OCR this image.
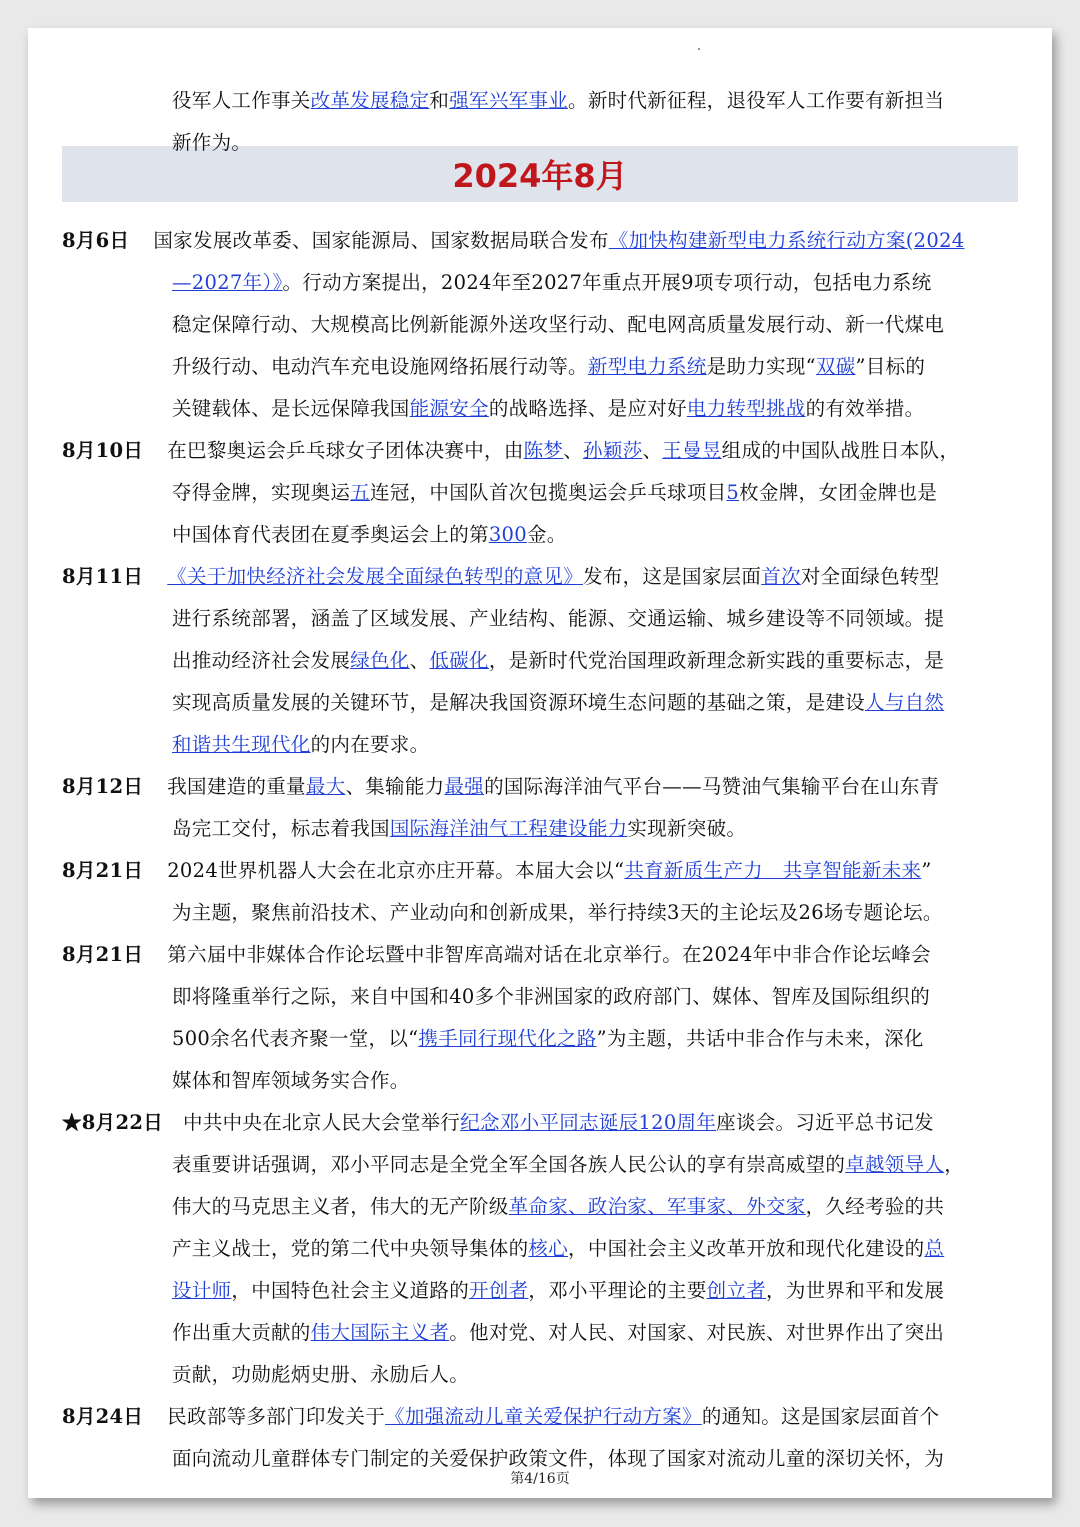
2024年8月
役军人工作事关改革发展稳定和强军兴军事业。新时代新征程，退役军人工作要有新担当
新作为。
8月6日 国家发展改革委、国家能源局、国家数据局联合发布《加快构建新型电力系统行动方案(2024
—2027年）》。行动方案提出，2024年至2027年重点开展9项专项行动，包括电力系统
稳定保障行动、大规模高比例新能源外送攻坚行动、配电网高质量发展行动、新一代煤电
升级行动、电动汽车充电设施网络拓展行动等。新型电力系统是助力实现“双碳”目标的
关键载体、是长远保障我国能源安全的战略选择、是应对好电力转型挑战的有效举措。
8月10日 在巴黎奥运会乒乓球女子团体决赛中，由陈梦、孙颖莎、王曼昱组成的中国队战胜日本队，
夺得金牌，实现奥运五连冠，中国队首次包揽奥运会乒乓球项目5枚金牌，女团金牌也是
中国体育代表团在夏季奥运会上的第300金。
8月11日 《关于加快经济社会发展全面绿色转型的意见》发布，这是国家层面首次对全面绿色转型
进行系统部署，涵盖了区域发展、产业结构、能源、交通运输、城乡建设等不同领域。提
出推动经济社会发展绿色化、低碳化，是新时代党治国理政新理念新实践的重要标志，是
实现高质量发展的关键环节，是解决我国资源环境生态问题的基础之策，是建设人与自然
和谐共生现代化的内在要求。
8月12日 我国建造的重量最大、集输能力最强的国际海洋油气平台——马赞油气集输平台在山东青
岛完工交付，标志着我国国际海洋油气工程建设能力实现新突破。
8月21日 2024世界机器人大会在北京亦庄开幕。本届大会以“共育新质生产力　共享智能新未来”
为主题，聚焦前沿技术、产业动向和创新成果，举行持续3天的主论坛及26场专题论坛。
8月21日 第六届中非媒体合作论坛暨中非智库高端对话在北京举行。在2024年中非合作论坛峰会
即将隆重举行之际，来自中国和40多个非洲国家的政府部门、媒体、智库及国际组织的
500余名代表齐聚一堂，以“携手同行现代化之路”为主题，共话中非合作与未来，深化
媒体和智库领域务实合作。
★8月22日 中共中央在北京人民大会堂举行纪念邓小平同志诞辰120周年座谈会。习近平总书记发
表重要讲话强调，邓小平同志是全党全军全国各族人民公认的享有崇高威望的卓越领导人，
伟大的马克思主义者，伟大的无产阶级革命家、政治家、军事家、外交家，久经考验的共
产主义战士，党的第二代中央领导集体的核心，中国社会主义改革开放和现代化建设的总
设计师，中国特色社会主义道路的开创者，邓小平理论的主要创立者，为世界和平和发展
作出重大贡献的伟大国际主义者。他对党、对人民、对国家、对民族、对世界作出了突出
贡献，功勋彪炳史册、永励后人。
8月24日 民政部等多部门印发关于《加强流动儿童关爱保护行动方案》的通知。这是国家层面首个
面向流动儿童群体专门制定的关爱保护政策文件，体现了国家对流动儿童的深切关怀，为
第4/16页
